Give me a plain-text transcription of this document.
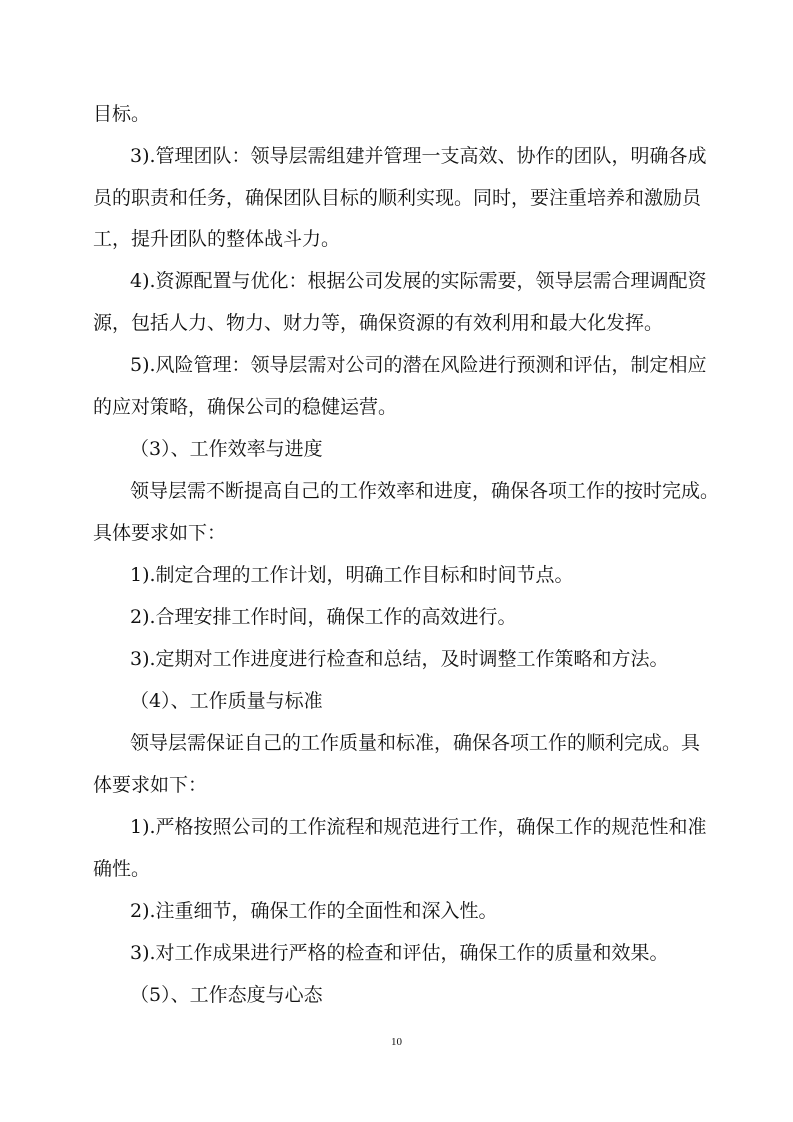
目标。
3).管理团队：领导层需组建并管理一支高效、协作的团队，明确各成
员的职责和任务，确保团队目标的顺利实现。同时，要注重培养和激励员
工，提升团队的整体战斗力。
4).资源配置与优化：根据公司发展的实际需要，领导层需合理调配资
源，包括人力、物力、财力等，确保资源的有效利用和最大化发挥。
5).风险管理：领导层需对公司的潜在风险进行预测和评估，制定相应
的应对策略，确保公司的稳健运营。
（3）、工作效率与进度
领导层需不断提高自己的工作效率和进度，确保各项工作的按时完成。
具体要求如下：
1).制定合理的工作计划，明确工作目标和时间节点。
2).合理安排工作时间，确保工作的高效进行。
3).定期对工作进度进行检查和总结，及时调整工作策略和方法。
（4）、工作质量与标准
领导层需保证自己的工作质量和标准，确保各项工作的顺利完成。具
体要求如下：
1).严格按照公司的工作流程和规范进行工作，确保工作的规范性和准
确性。
2).注重细节，确保工作的全面性和深入性。
3).对工作成果进行严格的检查和评估，确保工作的质量和效果。
（5）、工作态度与心态
10
